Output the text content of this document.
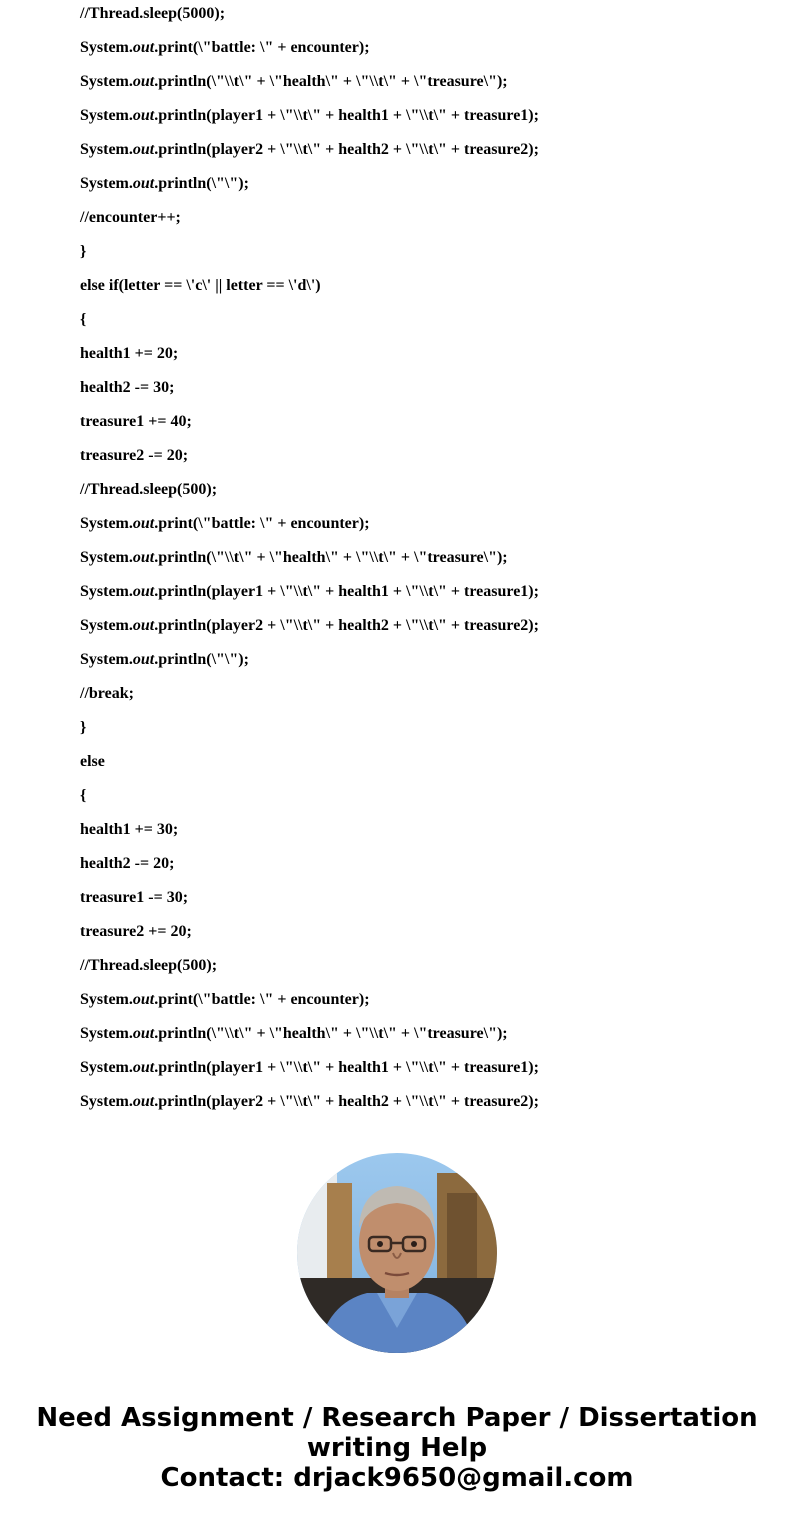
//Thread.sleep(5000);
System.out.print(\"battle: \" + encounter);
System.out.println(\"\\t\" + \"health\" + \"\\t\" + \"treasure\");
System.out.println(player1 + \"\\t\" + health1 + \"\\t\" + treasure1);
System.out.println(player2 + \"\\t\" + health2 + \"\\t\" + treasure2);
System.out.println(\"\");
//encounter++;
}
else if(letter == \'c\' || letter == \'d\')
{
health1 += 20;
health2 -= 30;
treasure1 += 40;
treasure2 -= 20;
//Thread.sleep(500);
System.out.print(\"battle: \" + encounter);
System.out.println(\"\\t\" + \"health\" + \"\\t\" + \"treasure\");
System.out.println(player1 + \"\\t\" + health1 + \"\\t\" + treasure1);
System.out.println(player2 + \"\\t\" + health2 + \"\\t\" + treasure2);
System.out.println(\"\");
//break;
}
else
{
health1 += 30;
health2 -= 20;
treasure1 -= 30;
treasure2 += 20;
//Thread.sleep(500);
System.out.print(\"battle: \" + encounter);
System.out.println(\"\\t\" + \"health\" + \"\\t\" + \"treasure\");
System.out.println(player1 + \"\\t\" + health1 + \"\\t\" + treasure1);
System.out.println(player2 + \"\\t\" + health2 + \"\\t\" + treasure2);
Need Assignment / Research Paper / Dissertation
writing Help
Contact: drjack9650@gmail.com
